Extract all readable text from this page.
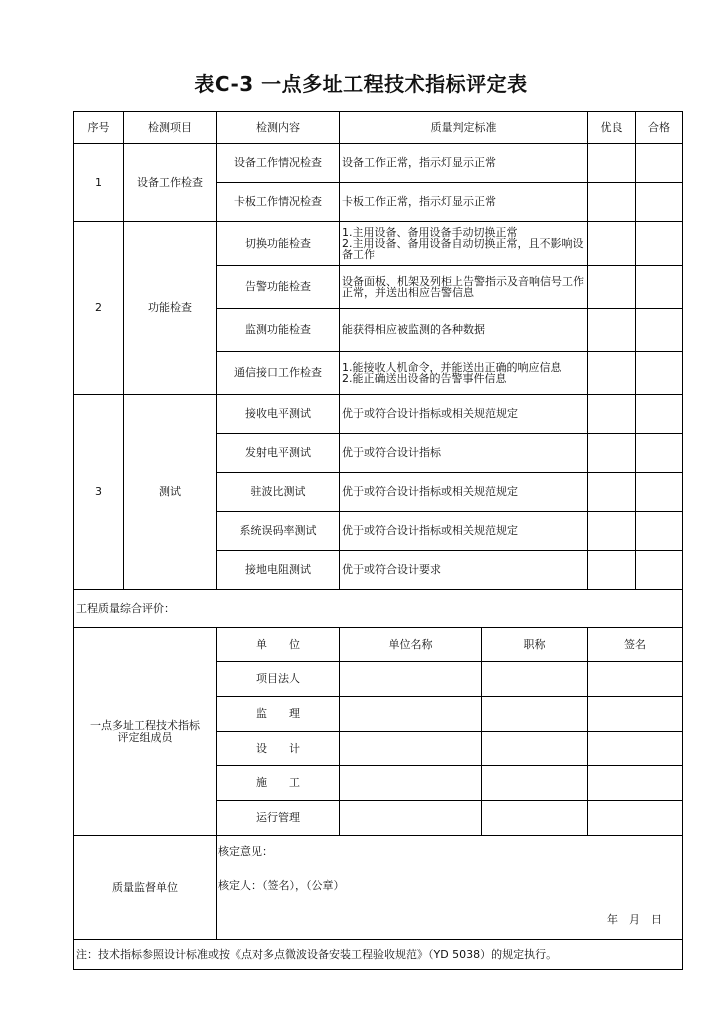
表C-3 一点多址工程技术指标评定表
序号	检测项目	检测内容	质量判定标准		优良	合格
1	设备工作检查	设备工作情况检查	设备工作正常，指示灯显示正常			
		卡板工作情况检查	卡板工作正常，指示灯显示正常			
2	功能检查	切换功能检查	1.主用设备、备用设备手动切换正常
2.主用设备、备用设备自动切换正常，且不影响设备工作			

		告警功能检查	设备面板、机架及列柜上告警指示及音响信号工作正常，并送出相应告警信息			
		监测功能检查	能获得相应被监测的各种数据			
		通信接口工作检查	1.能接收人机命令，并能送出正确的响应信息
2.能正确送出设备的告警事件信息			

3	测试	接收电平测试	优于或符合设计指标或相关规范规定			
		发射电平测试	优于或符合设计指标			
		驻波比测试	优于或符合设计指标或相关规范规定			
		系统误码率测试	优于或符合设计指标或相关规范规定			
		接地电阻测试	优于或符合设计要求			
工程质量综合评价：						
一点多址工程技术指标评定组成员		单　　位	单位名称	职称	签名	
		项目法人				
		监　　理				
		设　　计				
		施　　工				
		运行管理				
质量监督单位		核定意见：
核定人：（签名），（公章）
年　月　日				

注：技术指标参照设计标准或按《点对多点微波设备安装工程验收规范》（YD 5038）的规定执行。						
